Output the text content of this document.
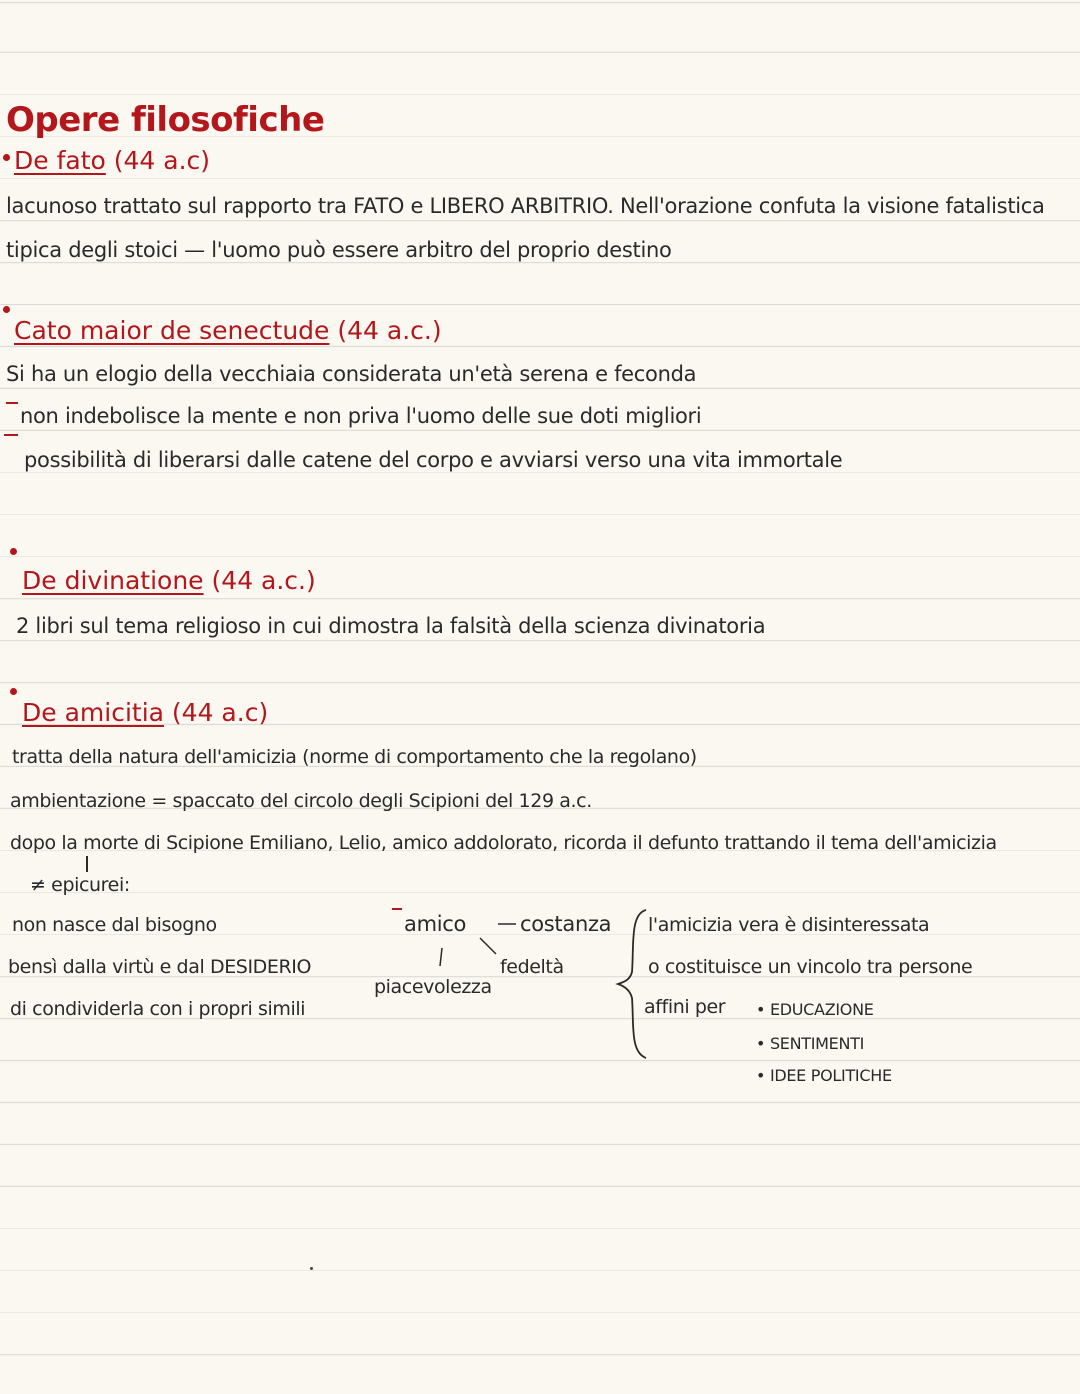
Opere filosofiche
De fato (44 a.c)
lacunoso trattato sul rapporto tra FATO e LIBERO ARBITRIO. Nell'orazione confuta la visione fatalistica
tipica degli stoici — l'uomo può essere arbitro del proprio destino
Cato maior de senectude (44 a.c.)
Si ha un elogio della vecchiaia considerata un'età serena e feconda
non indebolisce la mente e non priva l'uomo delle sue doti migliori
possibilità di liberarsi dalle catene del corpo e avviarsi verso una vita immortale
De divinatione (44 a.c.)
2 libri sul tema religioso in cui dimostra la falsità della scienza divinatoria
De amicitia (44 a.c)
tratta della natura dell'amicizia (norme di comportamento che la regolano)
ambientazione = spaccato del circolo degli Scipioni del 129 a.c.
dopo la morte di Scipione Emiliano, Lelio, amico addolorato, ricorda il defunto trattando il tema dell'amicizia
≠ epicurei:
non nasce dal bisogno
bensì dalla virtù e dal DESIDERIO
di condividerla con i propri simili
amico	costanza
fedeltà
piacevolezza
l'amicizia vera è disinteressata
o costituisce un vincolo tra persone
affini per • EDUCAZIONE
• SENTIMENTI
• IDEE POLITICHE
